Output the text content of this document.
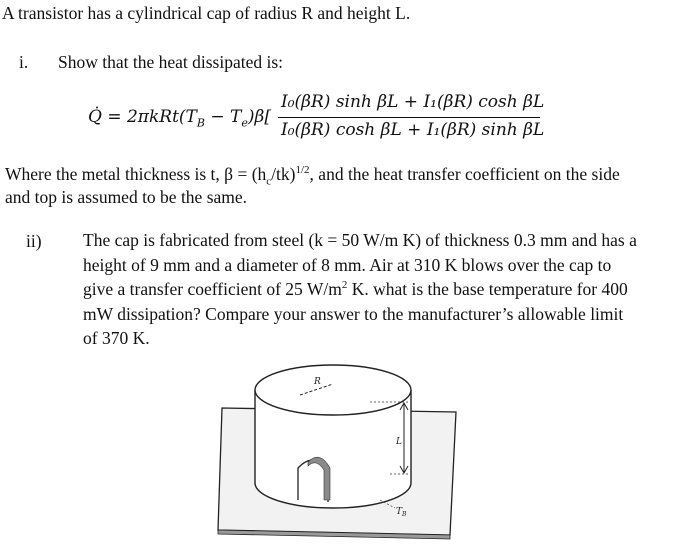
A transistor has a cylindrical cap of radius R and height L.
i. Show that the heat dissipated is:
Q̇ = $2\pi kRt(T_B - T_e)\beta$[
I₀(βR) sinh βL + I₁(βR) cosh βL
I₀(βR) cosh βL + I₁(βR) sinh βL
Where the metal thickness is t, $\beta = (h_c/tk)^{1/2}$, and the heat transfer coefficient on the side
and top is assumed to be the same.
ii) The cap is fabricated from steel (k = 50 W/m K) of thickness 0.3 mm and has a
height of 9 mm and a diameter of 8 mm. Air at 310 K blows over the cap to
give a transfer coefficient of 25 $W/m^2$ K. what is the base temperature for 400
mW dissipation? Compare your answer to the manufacturer’s allowable limit
of 370 K.
R
L
$T_B$
